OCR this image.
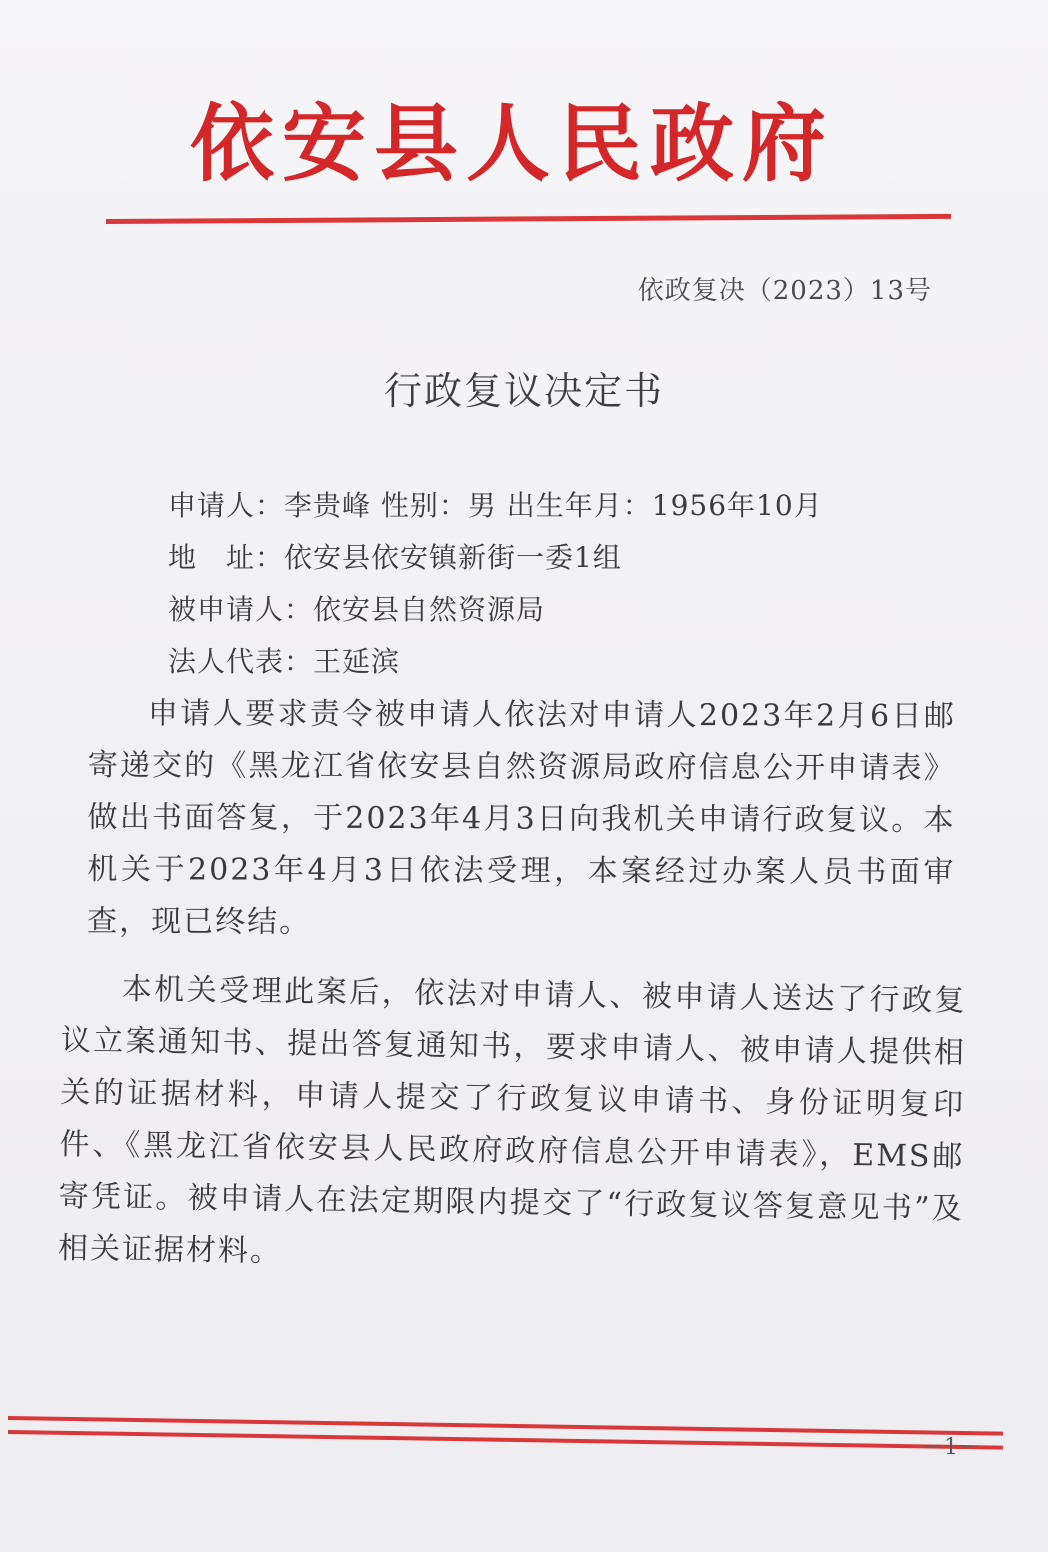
依安县人民政府
依政复决（2023）13号
行政复议决定书
申请人：李贵峰 性别：男 出生年月：1956年10月
地　址：依安县依安镇新街一委1组
被申请人：依安县自然资源局
法人代表：王延滨
申请人要求责令被申请人依法对申请人2023年2月6日邮寄递交的《黑龙江省依安县自然资源局政府信息公开申请表》做出书面答复，于2023年4月3日向我机关申请行政复议。本机关于2023年4月3日依法受理，本案经过办案人员书面审查，现已终结。
本机关受理此案后，依法对申请人、被申请人送达了行政复议立案通知书、提出答复通知书，要求申请人、被申请人提供相关的证据材料，申请人提交了行政复议申请书、身份证明复印件、《黑龙江省依安县人民政府政府信息公开申请表》，EMS邮寄凭证。被申请人在法定期限内提交了“行政复议答复意见书”及相关证据材料。
－1－
